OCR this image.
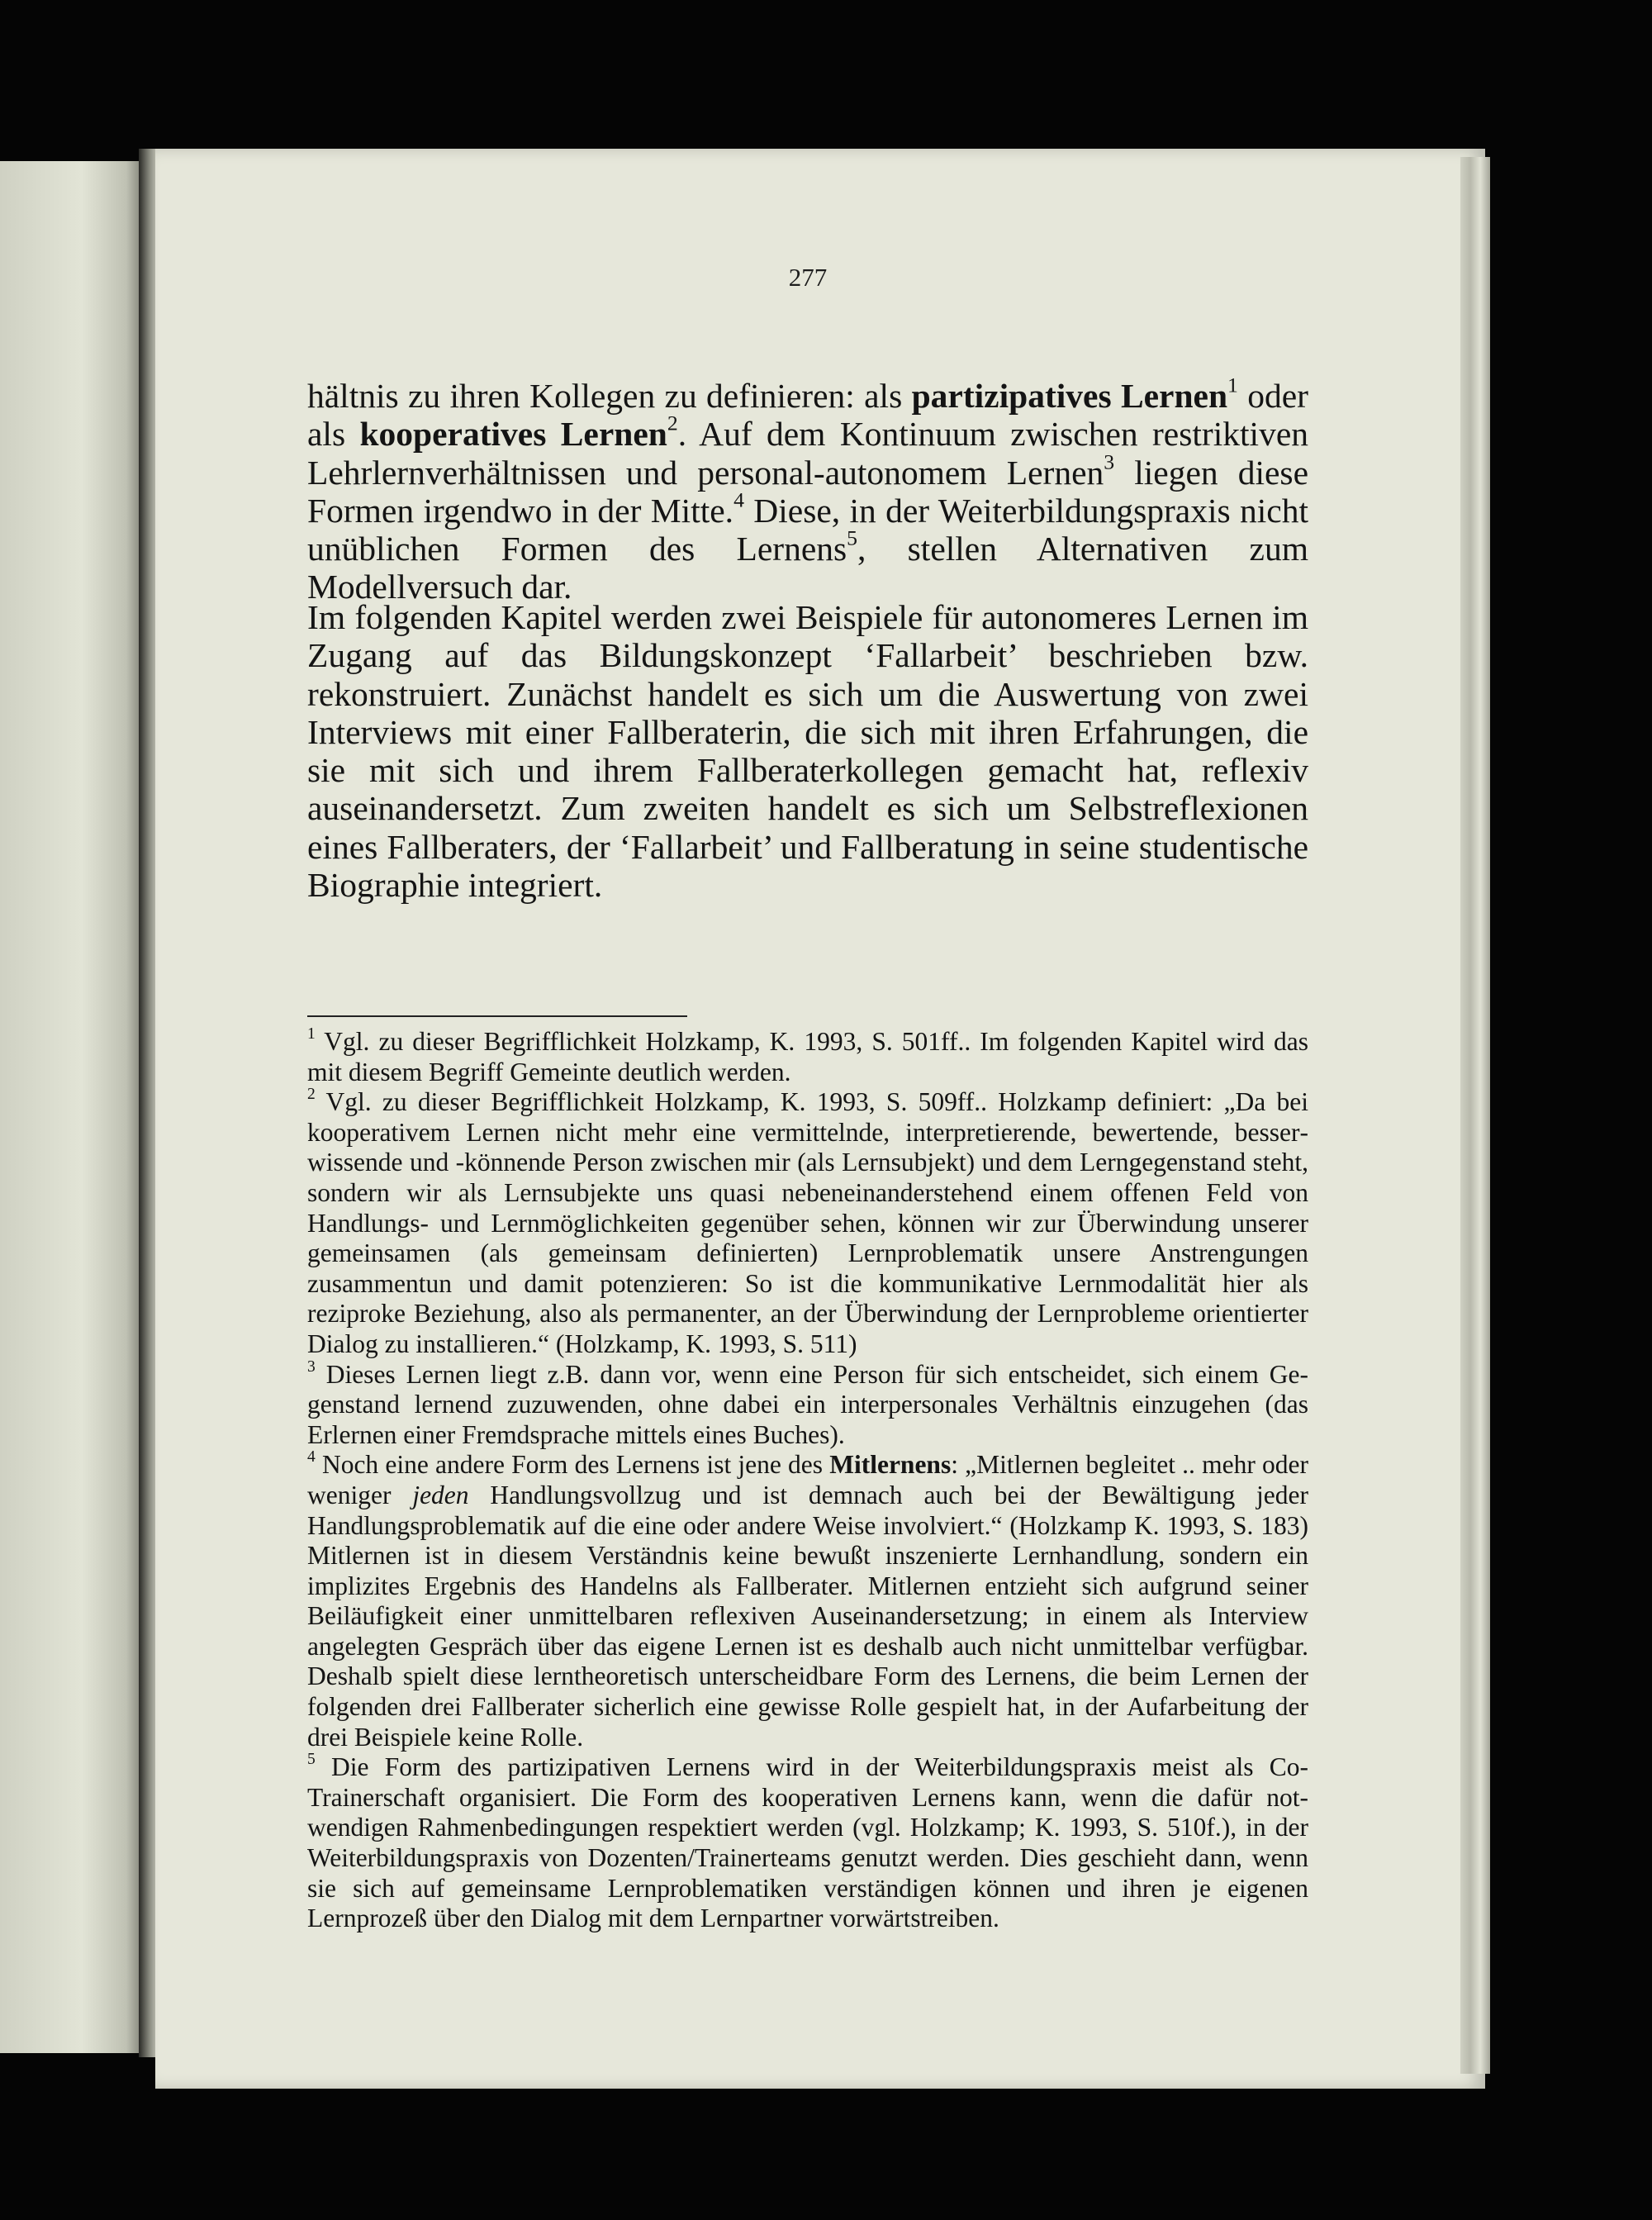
277

hältnis zu ihren Kollegen zu definieren: als partizipatives Lernen$^1$ oder als kooperatives Lernen$^2$. Auf dem Kontinuum zwischen restriktiven Lehrlernverhältnissen und personal-autonomem Lernen$^3$ liegen diese Formen irgendwo in der Mitte.$^4$ Diese, in der Weiterbildungspraxis nicht unüblichen Formen des Lernens$^5$, stellen Alternativen zum Modellversuch dar.

Im folgenden Kapitel werden zwei Beispiele für autonomeres Lernen im Zugang auf das Bildungskonzept ‘Fallarbeit’ beschrieben bzw. rekonstruiert. Zunächst handelt es sich um die Auswertung von zwei Interviews mit einer Fallberaterin, die sich mit ihren Erfahrungen, die sie mit sich und ihrem Fallberaterkollegen gemacht hat, reflexiv auseinandersetzt. Zum zweiten handelt es sich um Selbstreflexionen eines Fallberaters, der ‘Fallarbeit’ und Fallberatung in seine studentische Biographie integriert.

$^1$ Vgl. zu dieser Begrifflichkeit Holzkamp, K. 1993, S. 501ff.. Im folgenden Kapitel wird das mit diesem Begriff Gemeinte deutlich werden.

$^2$ Vgl. zu dieser Begrifflichkeit Holzkamp, K. 1993, S. 509ff.. Holzkamp definiert: „Da bei kooperativem Lernen nicht mehr eine vermittelnde, interpretierende, bewertende, besserwissende und -könnende Person zwischen mir (als Lernsubjekt) und dem Lerngegenstand steht, sondern wir als Lernsubjekte uns quasi nebeneinanderstehend einem offenen Feld von Handlungs- und Lernmöglichkeiten gegenüber sehen, können wir zur Überwindung unserer gemeinsamen (als gemeinsam definierten) Lernproblematik unsere Anstrengungen zusammentun und damit potenzieren: So ist die kommunikative Lernmodalität hier als reziproke Beziehung, also als permanenter, an der Überwindung der Lernprobleme orientierter Dialog zu installieren.“ (Holzkamp, K. 1993, S. 511)

$^3$ Dieses Lernen liegt z.B. dann vor, wenn eine Person für sich entscheidet, sich einem Gegenstand lernend zuzuwenden, ohne dabei ein interpersonales Verhältnis einzugehen (das Erlernen einer Fremdsprache mittels eines Buches).

$^4$ Noch eine andere Form des Lernens ist jene des Mitlernens: „Mitlernen begleitet .. mehr oder weniger jeden Handlungsvollzug und ist demnach auch bei der Bewältigung jeder Handlungsproblematik auf die eine oder andere Weise involviert.“ (Holzkamp K. 1993, S. 183) Mitlernen ist in diesem Verständnis keine bewußt inszenierte Lernhandlung, sondern ein implizites Ergebnis des Handelns als Fallberater. Mitlernen entzieht sich aufgrund seiner Beiläufigkeit einer unmittelbaren reflexiven Auseinandersetzung; in einem als Interview angelegten Gespräch über das eigene Lernen ist es deshalb auch nicht unmittelbar verfügbar. Deshalb spielt diese lerntheoretisch unterscheidbare Form des Lernens, die beim Lernen der folgenden drei Fallberater sicherlich eine gewisse Rolle gespielt hat, in der Aufarbeitung der drei Beispiele keine Rolle.

$^5$ Die Form des partizipativen Lernens wird in der Weiterbildungspraxis meist als Co-Trainerschaft organisiert. Die Form des kooperativen Lernens kann, wenn die dafür notwendigen Rahmenbedingungen respektiert werden (vgl. Holzkamp; K. 1993, S. 510f.), in der Weiterbildungspraxis von Dozenten/Trainerteams genutzt werden. Dies geschieht dann, wenn sie sich auf gemeinsame Lernproblematiken verständigen können und ihren je eigenen Lernprozeß über den Dialog mit dem Lernpartner vorwärtstreiben.
